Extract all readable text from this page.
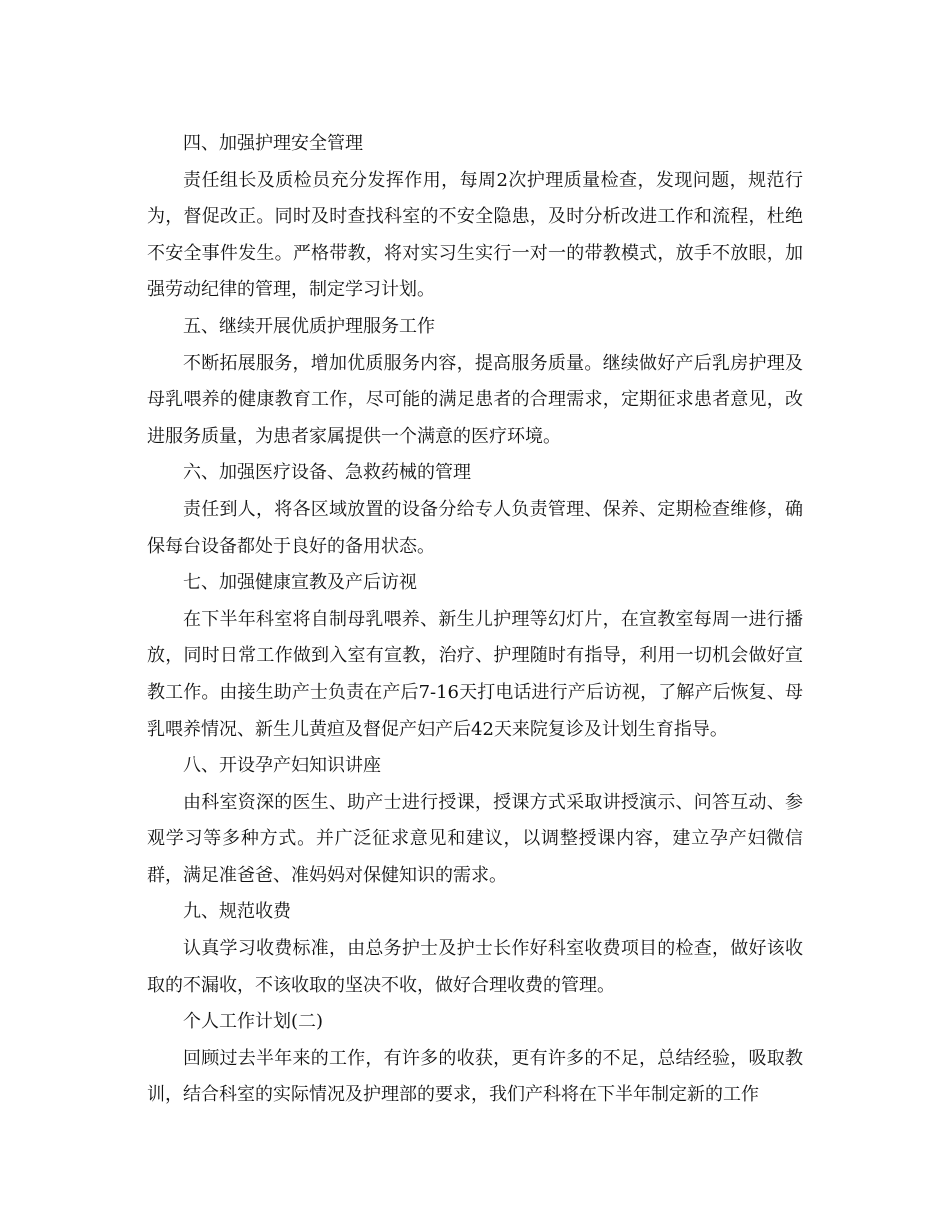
四、加强护理安全管理

责任组长及质检员充分发挥作用，每周2次护理质量检查，发现问题，规范行为，督促改正。同时及时查找科室的不安全隐患，及时分析改进工作和流程，杜绝不安全事件发生。严格带教，将对实习生实行一对一的带教模式，放手不放眼，加强劳动纪律的管理，制定学习计划。

五、继续开展优质护理服务工作

不断拓展服务，增加优质服务内容，提高服务质量。继续做好产后乳房护理及母乳喂养的健康教育工作，尽可能的满足患者的合理需求，定期征求患者意见，改进服务质量，为患者家属提供一个满意的医疗环境。

六、加强医疗设备、急救药械的管理

责任到人，将各区域放置的设备分给专人负责管理、保养、定期检查维修，确保每台设备都处于良好的备用状态。

七、加强健康宣教及产后访视

在下半年科室将自制母乳喂养、新生儿护理等幻灯片，在宣教室每周一进行播放，同时日常工作做到入室有宣教，治疗、护理随时有指导，利用一切机会做好宣教工作。由接生助产士负责在产后7-16天打电话进行产后访视，了解产后恢复、母乳喂养情况、新生儿黄疸及督促产妇产后42天来院复诊及计划生育指导。

八、开设孕产妇知识讲座

由科室资深的医生、助产士进行授课，授课方式采取讲授演示、问答互动、参观学习等多种方式。并广泛征求意见和建议，以调整授课内容，建立孕产妇微信群，满足准爸爸、准妈妈对保健知识的需求。

九、规范收费

认真学习收费标准，由总务护士及护士长作好科室收费项目的检查，做好该收取的不漏收，不该收取的坚决不收，做好合理收费的管理。

个人工作计划(二)

回顾过去半年来的工作，有许多的收获，更有许多的不足，总结经验，吸取教训，结合科室的实际情况及护理部的要求，我们产科将在下半年制定新的工作
